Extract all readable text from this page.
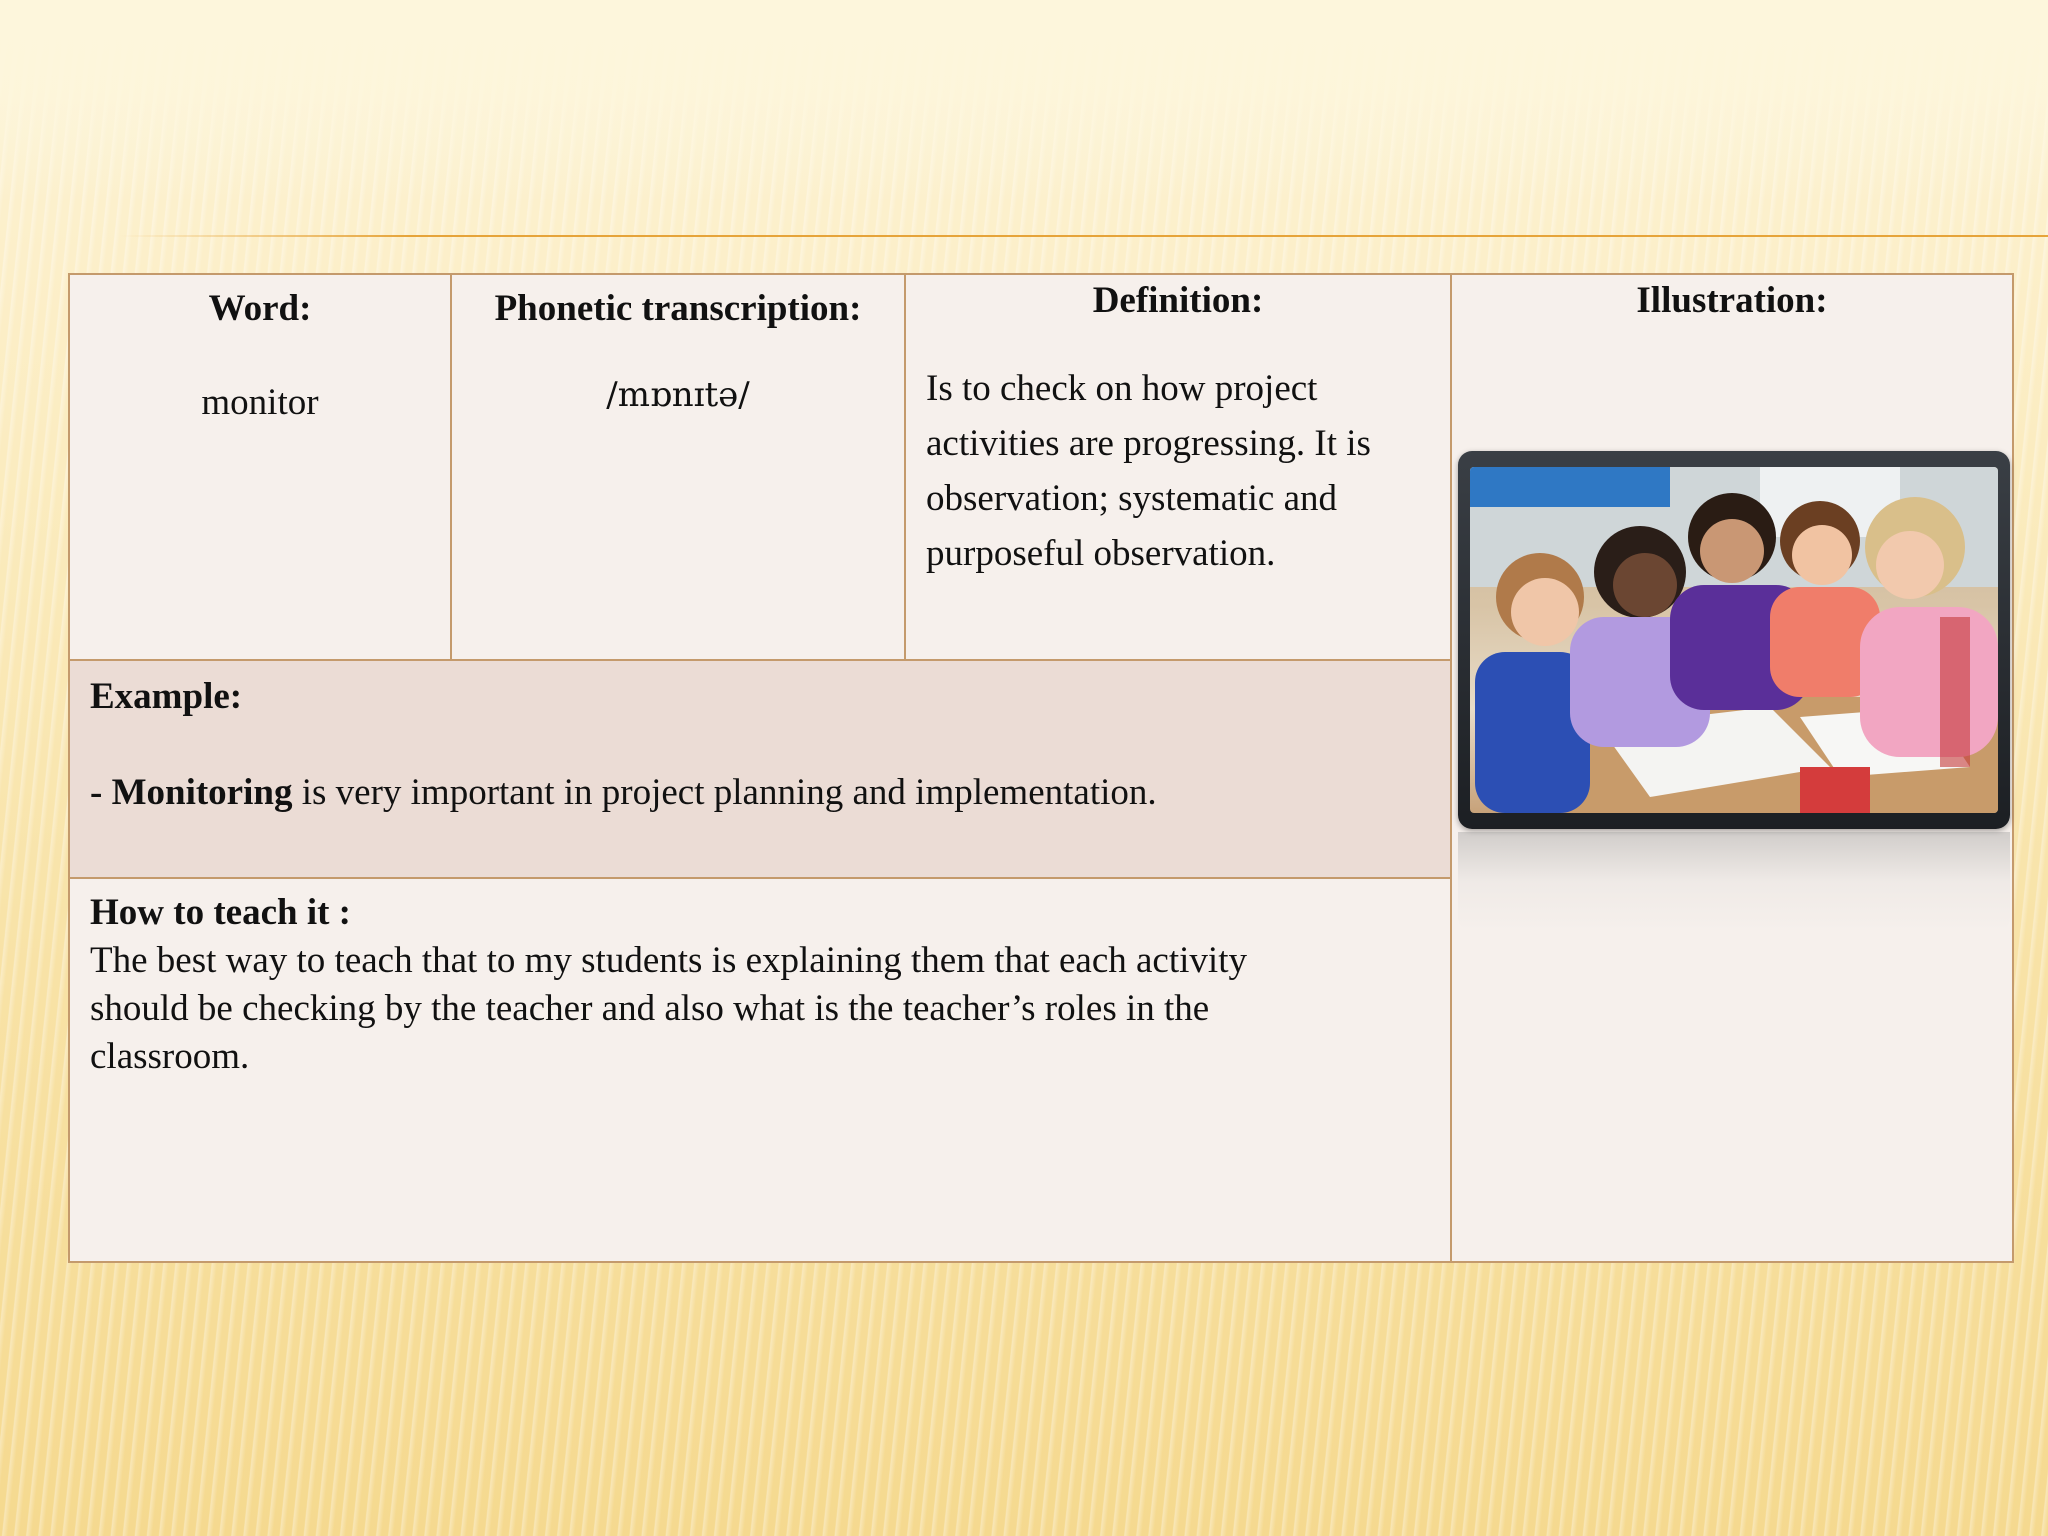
Word:
monitor
Phonetic transcription:
/mɒnɪtə/
Definition:
Is to check on how project
activities are progressing. It is
observation; systematic and
purposeful observation.
Illustration:
Example:
- Monitoring is very important in project planning and implementation.
How to teach it :
The best way to teach that to my students is explaining them that each activity
should be checking by the teacher and also what is the teacher’s roles in the
classroom.
